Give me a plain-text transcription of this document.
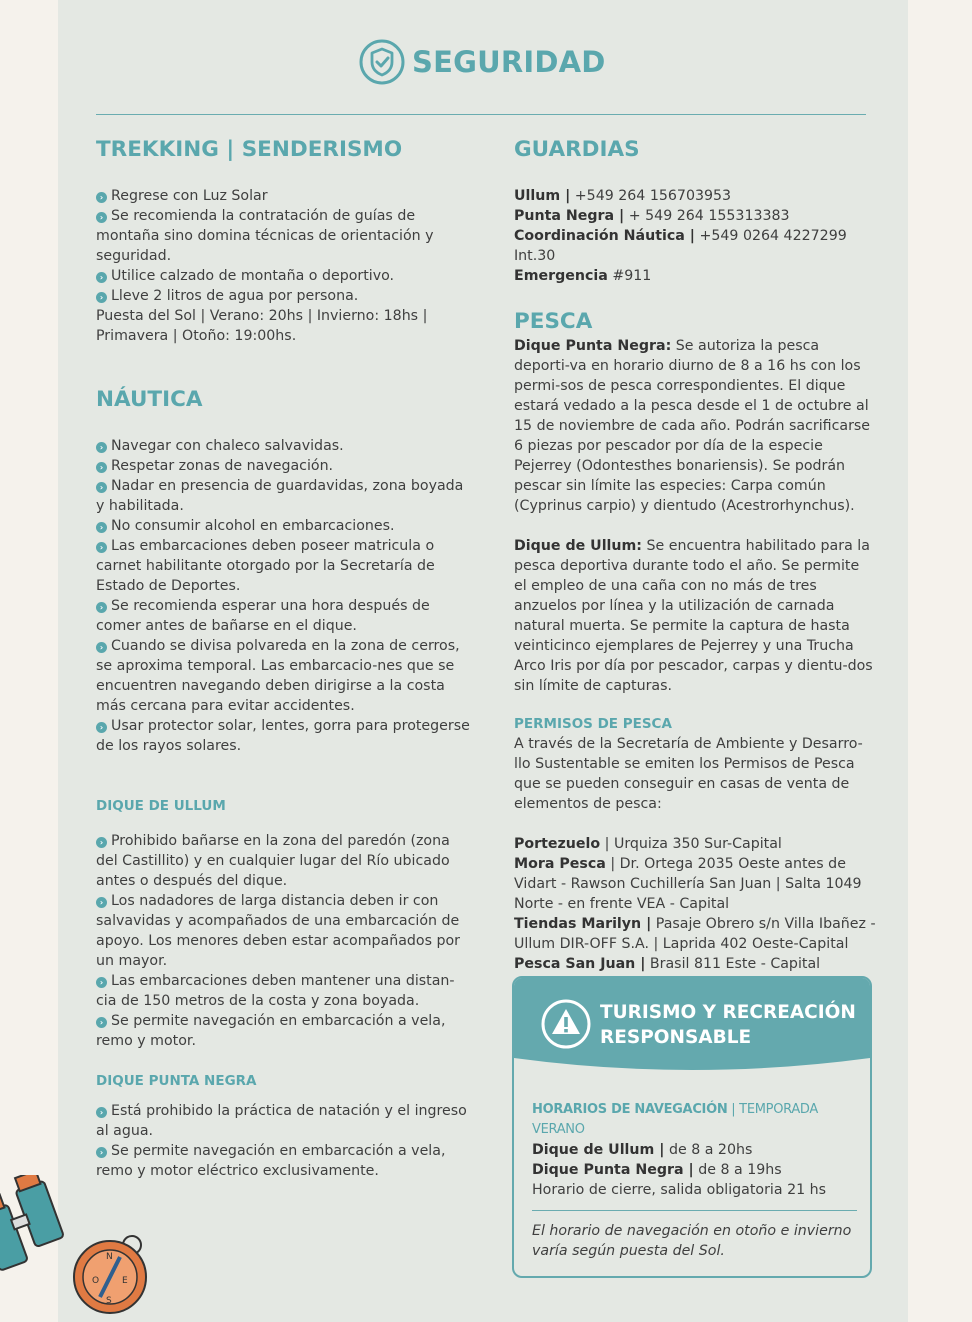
SEGURIDAD
TREKKING | SENDERISMO

› Regrese con Luz Solar

› Se recomienda la contratación de guías de montaña sino domina técnicas de orientación y seguridad.

› Utilice calzado de montaña o deportivo.

› Lleve 2 litros de agua por persona.

Puesta del Sol | Verano: 20hs | Invierno: 18hs | Primavera | Otoño: 19:00hs.

NÁUTICA

› Navegar con chaleco salvavidas.

› Respetar zonas de navegación.

› Nadar en presencia de guardavidas, zona boyada y habilitada.

› No consumir alcohol en embarcaciones.

› Las embarcaciones deben poseer matricula o carnet habilitante otorgado por la Secretaría de Estado de Deportes.

› Se recomienda esperar una hora después de comer antes de bañarse en el dique.

› Cuando se divisa polvareda en la zona de cerros, se aproxima temporal. Las embarcacio-nes que se encuentren navegando deben dirigirse a la costa más cercana para evitar accidentes.

› Usar protector solar, lentes, gorra para protegerse de los rayos solares.

DIQUE DE ULLUM

› Prohibido bañarse en la zona del paredón (zona del Castillito) y en cualquier lugar del Río ubicado antes o después del dique.

› Los nadadores de larga distancia deben ir con salvavidas y acompañados de una embarcación de apoyo. Los menores deben estar acompañados por un mayor.

› Las embarcaciones deben mantener una distan-cia de 150 metros de la costa y zona boyada.

› Se permite navegación en embarcación a vela, remo y motor.

DIQUE PUNTA NEGRA

› Está prohibido la práctica de natación y el ingreso al agua.

› Se permite navegación en embarcación a vela, remo y motor eléctrico exclusivamente.

GUARDIAS

Ullum | +549 264 156703953

Punta Negra | + 549 264 155313383

Coordinación Náutica | +549 0264 4227299 Int.30

Emergencia #911

PESCA

Dique Punta Negra: Se autoriza la pesca deporti-va en horario diurno de 8 a 16 hs con los permi-sos de pesca correspondientes. El dique estará vedado a la pesca desde el 1 de octubre al 15 de noviembre de cada año. Podrán sacrificarse 6 piezas por pescador por día de la especie Pejerrey (Odontesthes bonariensis). Se podrán pescar sin límite las especies: Carpa común (Cyprinus carpio) y dientudo (Acestrorhynchus).

Dique de Ullum: Se encuentra habilitado para la pesca deportiva durante todo el año. Se permite el empleo de una caña con no más de tres anzuelos por línea y la utilización de carnada natural muerta. Se permite la captura de hasta veinticinco ejemplares de Pejerrey y una Trucha Arco Iris por día por pescador, carpas y dientu-dos sin límite de capturas.

PERMISOS DE PESCA

A través de la Secretaría de Ambiente y Desarro-llo Sustentable se emiten los Permisos de Pesca que se pueden conseguir en casas de venta de elementos de pesca:

Portezuelo | Urquiza 350 Sur-Capital

Mora Pesca | Dr. Ortega 2035 Oeste antes de Vidart - Rawson Cuchillería San Juan | Salta 1049 Norte - en frente VEA - Capital

Tiendas Marilyn | Pasaje Obrero s/n Villa Ibañez - Ullum DIR-OFF S.A. | Laprida 402 Oeste-Capital

Pesca San Juan | Brasil 811 Este - Capital

TURISMO Y RECREACIÓN
RESPONSABLE
HORARIOS DE NAVEGACIÓN | TEMPORADA VERANO

Dique de Ullum | de 8 a 20hs

Dique Punta Negra | de 8 a 19hs

Horario de cierre, salida obligatoria 21 hs

El horario de navegación en otoño e invierno varía según puesta del Sol.

N
O	E
S
